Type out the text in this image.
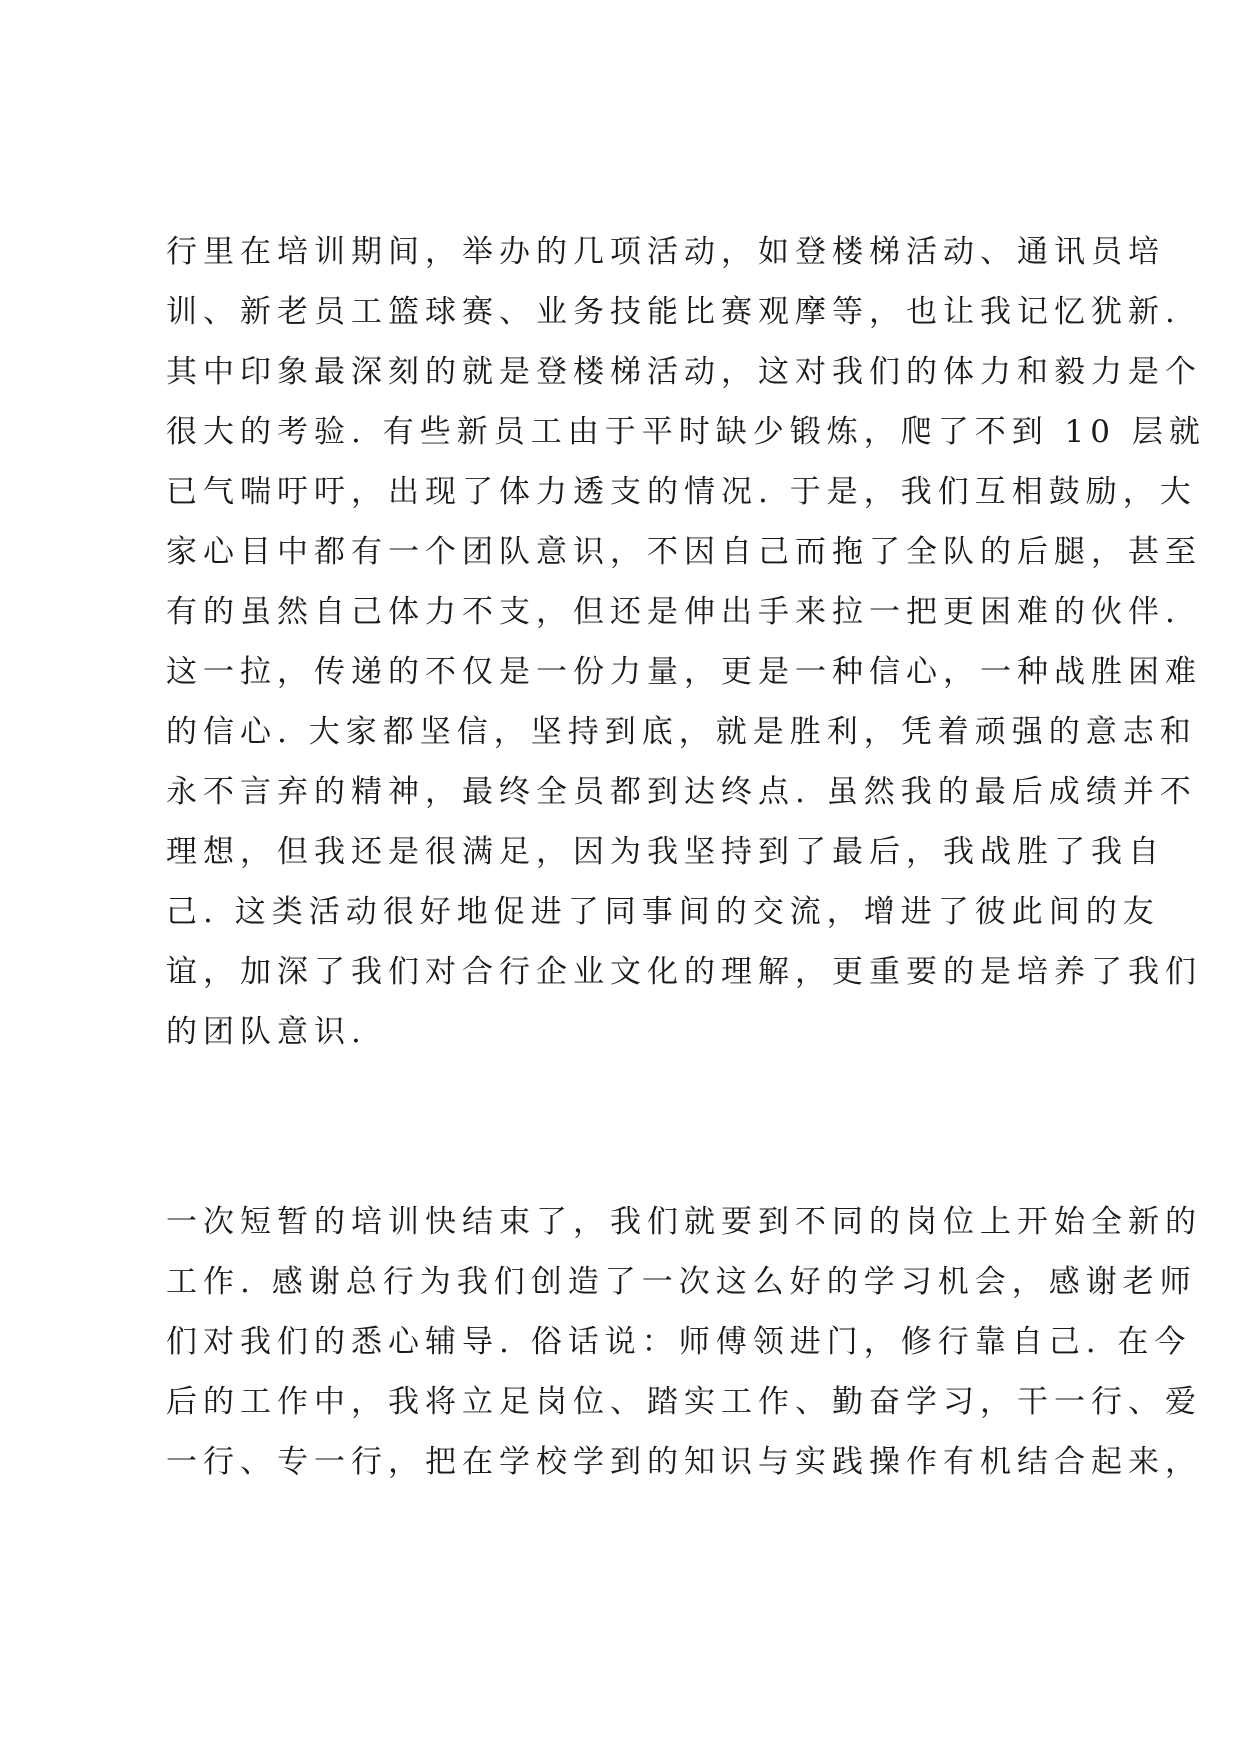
行里在培训期间，举办的几项活动，如登楼梯活动、通讯员培
训、新老员工篮球赛、业务技能比赛观摩等，也让我记忆犹新.
其中印象最深刻的就是登楼梯活动，这对我们的体力和毅力是个
很大的考验. 有些新员工由于平时缺少锻炼，爬了不到 10 层就
已气喘吁吁，出现了体力透支的情况. 于是，我们互相鼓励，大
家心目中都有一个团队意识，不因自己而拖了全队的后腿，甚至
有的虽然自己体力不支，但还是伸出手来拉一把更困难的伙伴.
这一拉，传递的不仅是一份力量，更是一种信心，一种战胜困难
的信心. 大家都坚信，坚持到底，就是胜利，凭着顽强的意志和
永不言弃的精神，最终全员都到达终点. 虽然我的最后成绩并不
理想，但我还是很满足，因为我坚持到了最后，我战胜了我自
己. 这类活动很好地促进了同事间的交流，增进了彼此间的友
谊，加深了我们对合行企业文化的理解，更重要的是培养了我们
的团队意识.
一次短暂的培训快结束了，我们就要到不同的岗位上开始全新的
工作. 感谢总行为我们创造了一次这么好的学习机会，感谢老师
们对我们的悉心辅导. 俗话说：师傅领进门，修行靠自己. 在今
后的工作中，我将立足岗位、踏实工作、勤奋学习，干一行、爱
一行、专一行，把在学校学到的知识与实践操作有机结合起来，
